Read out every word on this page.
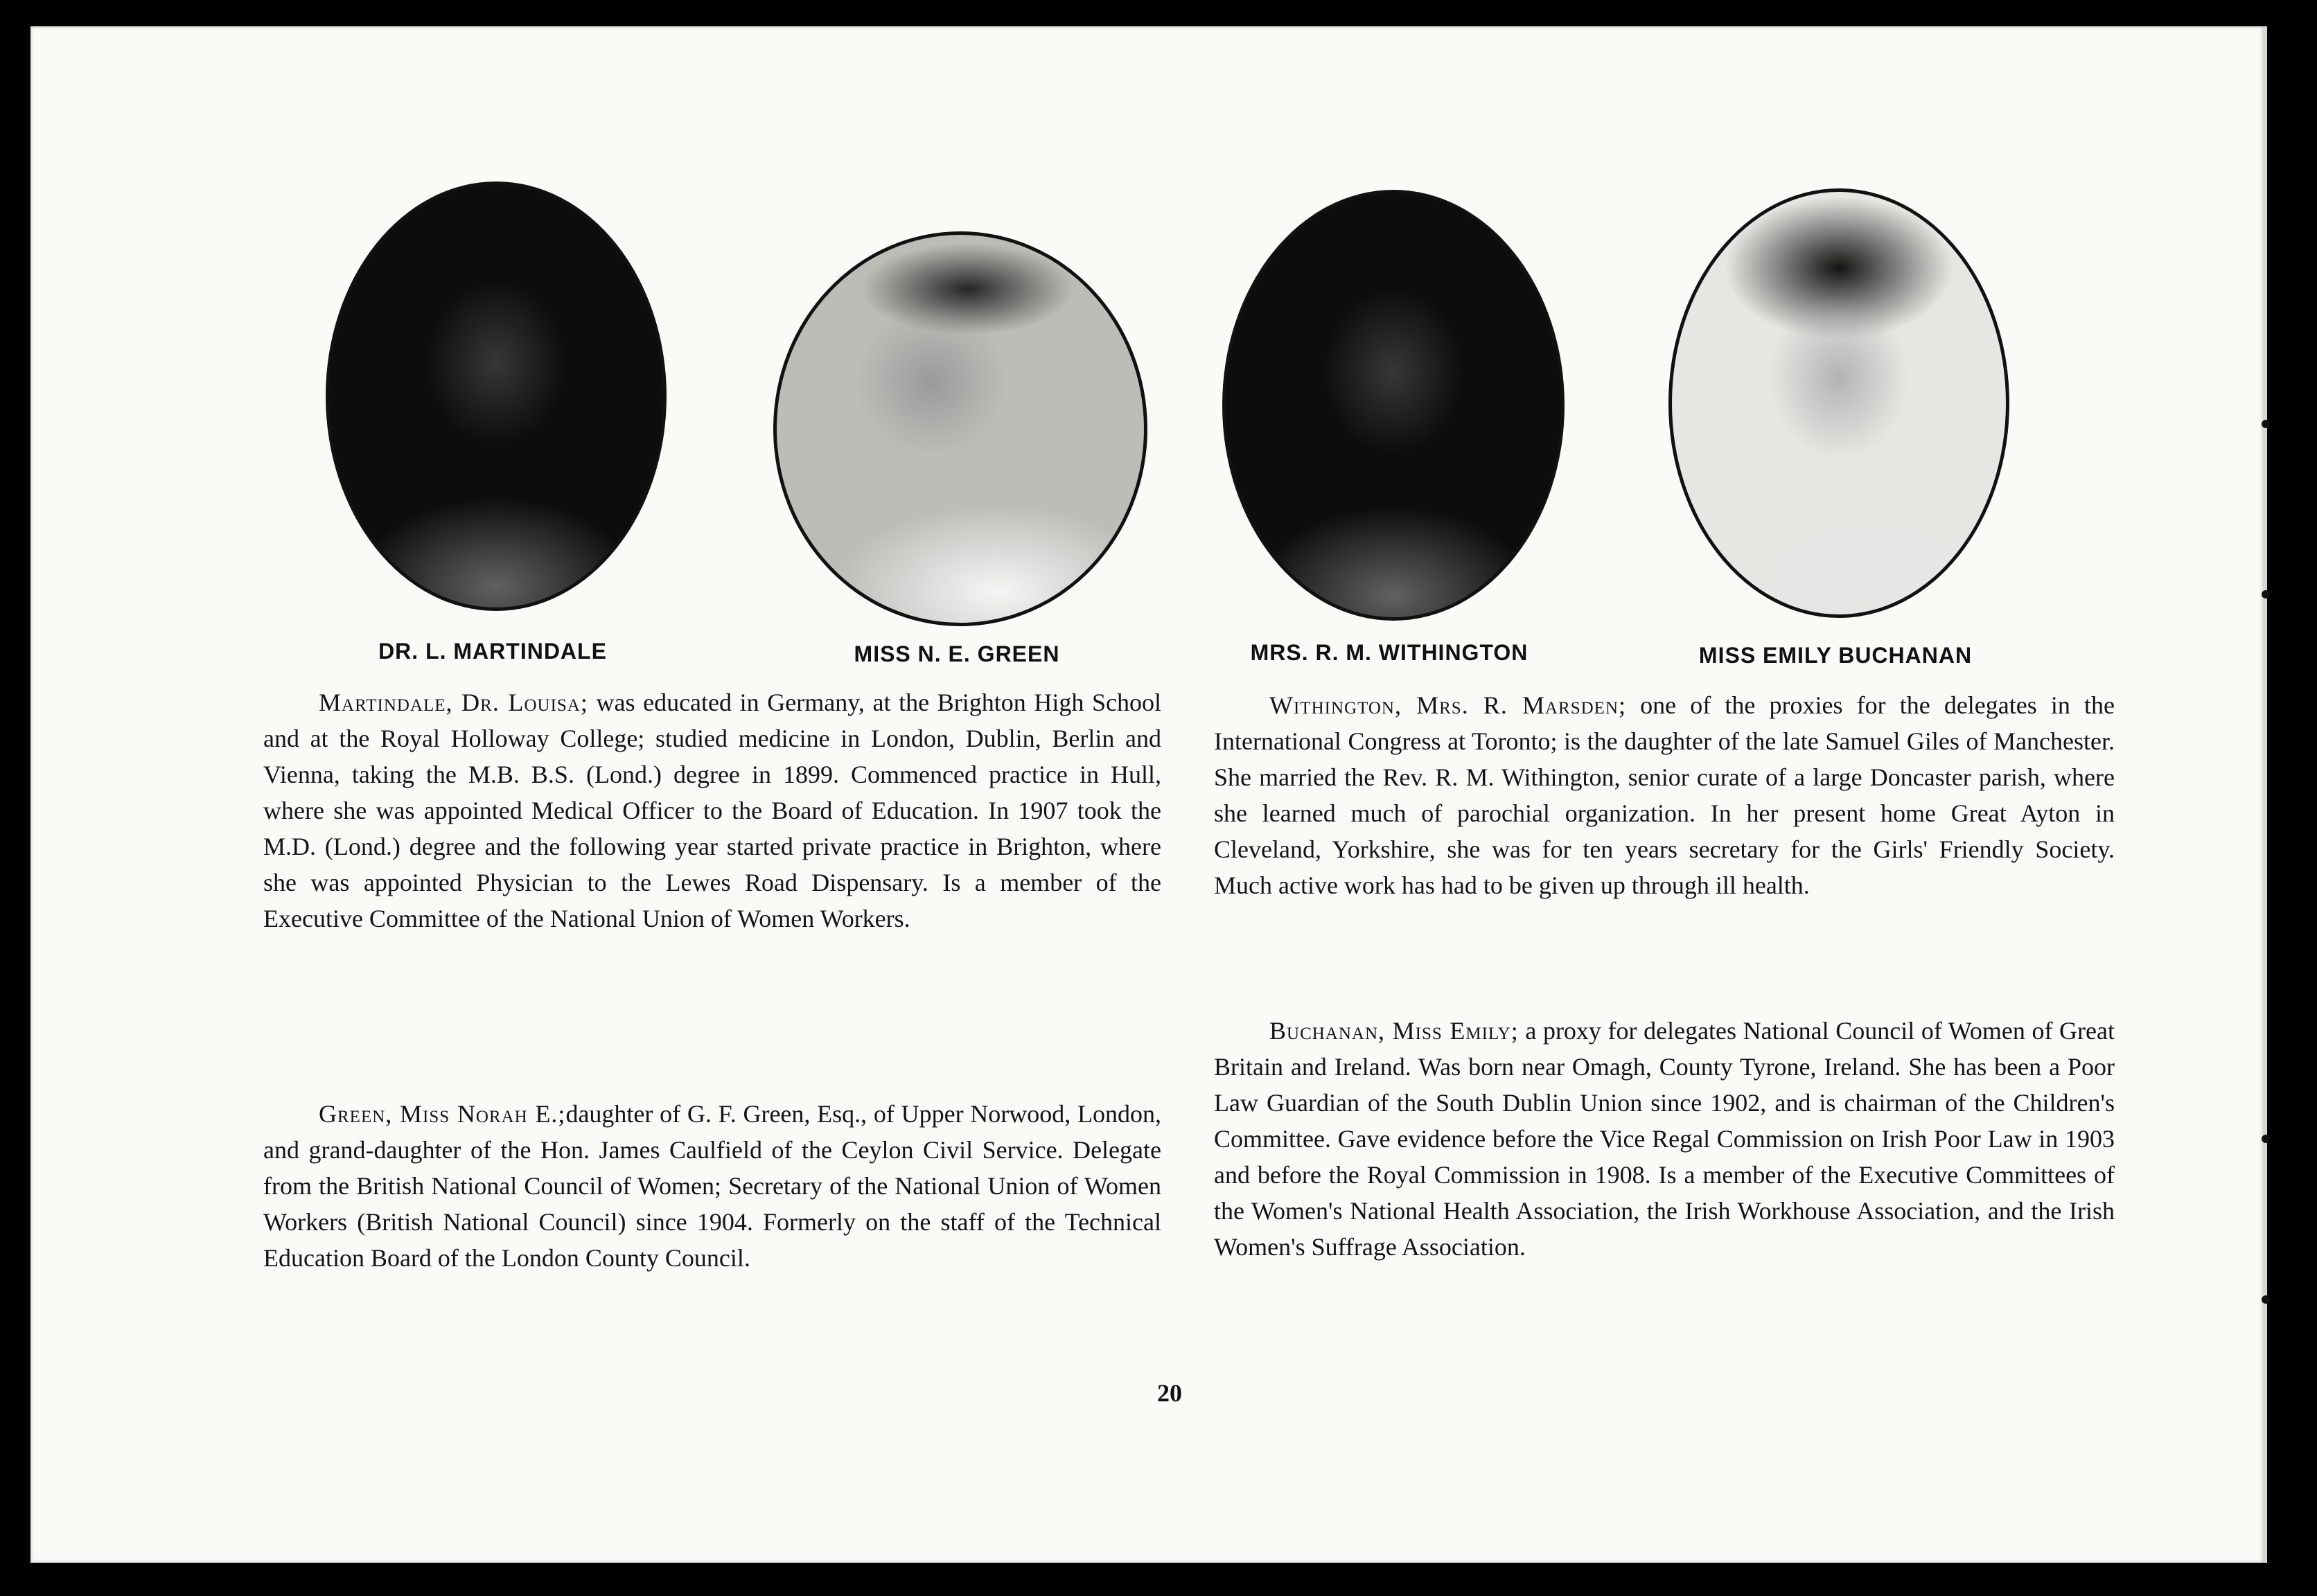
DR. L. MARTINDALE	MISS N. E. GREEN	MRS. R. M. WITHINGTON	MISS EMILY BUCHANAN
Martindale, Dr. Louisa; was educated in Germany, at the Brighton High School and at the Royal Holloway College; studied medicine in London, Dublin, Berlin and Vienna, taking the M.B. B.S. (Lond.) degree in 1899. Commenced practice in Hull, where she was appointed Medical Officer to the Board of Education. In 1907 took the M.D. (Lond.) degree and the following year started private practice in Brighton, where she was appointed Physician to the Lewes Road Dispensary. Is a member of the Executive Committee of the National Union of Women Workers.
Green, Miss Norah E.;daughter of G. F. Green, Esq., of Upper Norwood, London, and grand-daughter of the Hon. James Caulfield of the Ceylon Civil Service. Delegate from the British National Council of Women; Secretary of the National Union of Women Workers (British National Council) since 1904. Formerly on the staff of the Technical Education Board of the London County Council.
Withington, Mrs. R. Marsden; one of the proxies for the delegates in the International Congress at Toronto; is the daughter of the late Samuel Giles of Manchester. She married the Rev. R. M. Withington, senior curate of a large Doncaster parish, where she learned much of parochial organization. In her present home Great Ayton in Cleveland, Yorkshire, she was for ten years secretary for the Girls' Friendly Society. Much active work has had to be given up through ill health.
Buchanan, Miss Emily; a proxy for delegates National Council of Women of Great Britain and Ireland. Was born near Omagh, County Tyrone, Ireland. She has been a Poor Law Guardian of the South Dublin Union since 1902, and is chairman of the Children's Committee. Gave evidence before the Vice Regal Commission on Irish Poor Law in 1903 and before the Royal Commission in 1908. Is a member of the Executive Committees of the Women's National Health Association, the Irish Workhouse Association, and the Irish Women's Suffrage Association.
20
